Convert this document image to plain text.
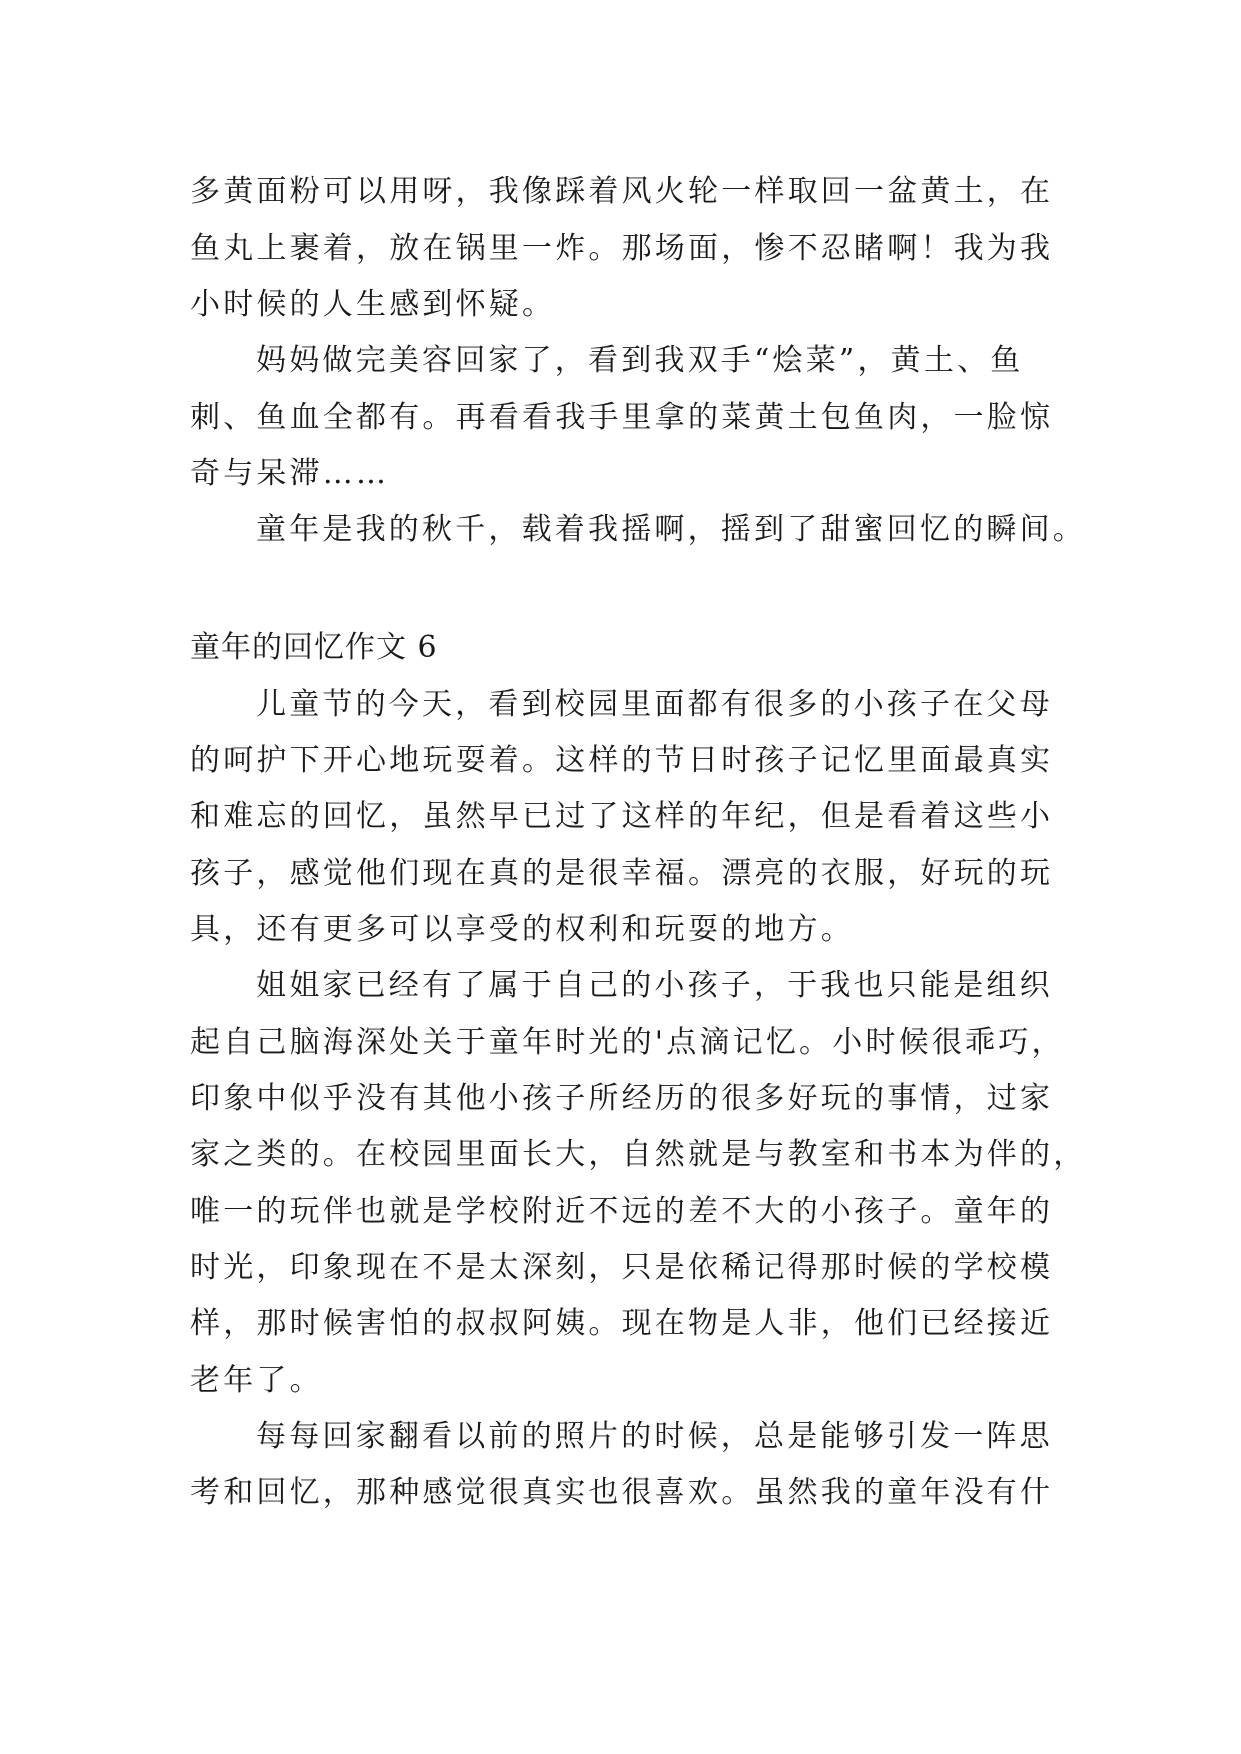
多黄面粉可以用呀，我像踩着风火轮一样取回一盆黄土，在
鱼丸上裹着，放在锅里一炸。那场面，惨不忍睹啊！我为我
小时候的人生感到怀疑。
妈妈做完美容回家了，看到我双手“烩菜”，黄土、鱼
刺、鱼血全都有。再看看我手里拿的菜黄土包鱼肉，一脸惊
奇与呆滞……
童年是我的秋千，载着我摇啊，摇到了甜蜜回忆的瞬间。
童年的回忆作文 6
儿童节的今天，看到校园里面都有很多的小孩子在父母
的呵护下开心地玩耍着。这样的节日时孩子记忆里面最真实
和难忘的回忆，虽然早已过了这样的年纪，但是看着这些小
孩子，感觉他们现在真的是很幸福。漂亮的衣服，好玩的玩
具，还有更多可以享受的权利和玩耍的地方。
姐姐家已经有了属于自己的小孩子，于我也只能是组织
起自己脑海深处关于童年时光的'点滴记忆。小时候很乖巧，
印象中似乎没有其他小孩子所经历的很多好玩的事情，过家
家之类的。在校园里面长大，自然就是与教室和书本为伴的，
唯一的玩伴也就是学校附近不远的差不大的小孩子。童年的
时光，印象现在不是太深刻，只是依稀记得那时候的学校模
样，那时候害怕的叔叔阿姨。现在物是人非，他们已经接近
老年了。
每每回家翻看以前的照片的时候，总是能够引发一阵思
考和回忆，那种感觉很真实也很喜欢。虽然我的童年没有什
